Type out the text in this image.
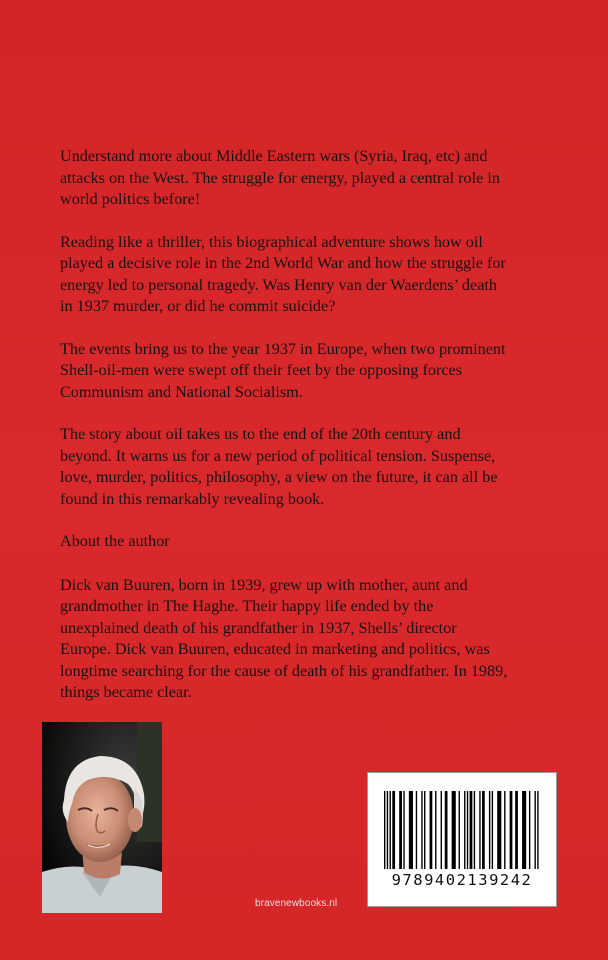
Understand more about Middle Eastern wars (Syria, Iraq, etc) and attacks on the West. The struggle for energy, played a central role in world politics before!

Reading like a thriller, this biographical adventure shows how oil played a decisive role in the 2nd World War and how the struggle for energy led to personal tragedy. Was Henry van der Waerdens’ death in 1937 murder, or did he commit suicide?

The events bring us to the year 1937 in Europe, when two prominent Shell-oil-men were swept off their feet by the opposing forces Communism and National Socialism.

The story about oil takes us to the end of the 20th century and beyond. It warns us for a new period of political tension. Suspense, love, murder, politics, philosophy, a view on the future, it can all be found in this remarkably revealing book.

About the author

Dick van Buuren, born in 1939, grew up with mother, aunt and grandmother in The Haghe. Their happy life ended by the unexplained death of his grandfather in 1937, Shells’ director Europe. Dick van Buuren, educated in marketing and politics, was longtime searching for the cause of death of his grandfather. In 1989, things became clear.

bravenewbooks.nl
9789402139242
